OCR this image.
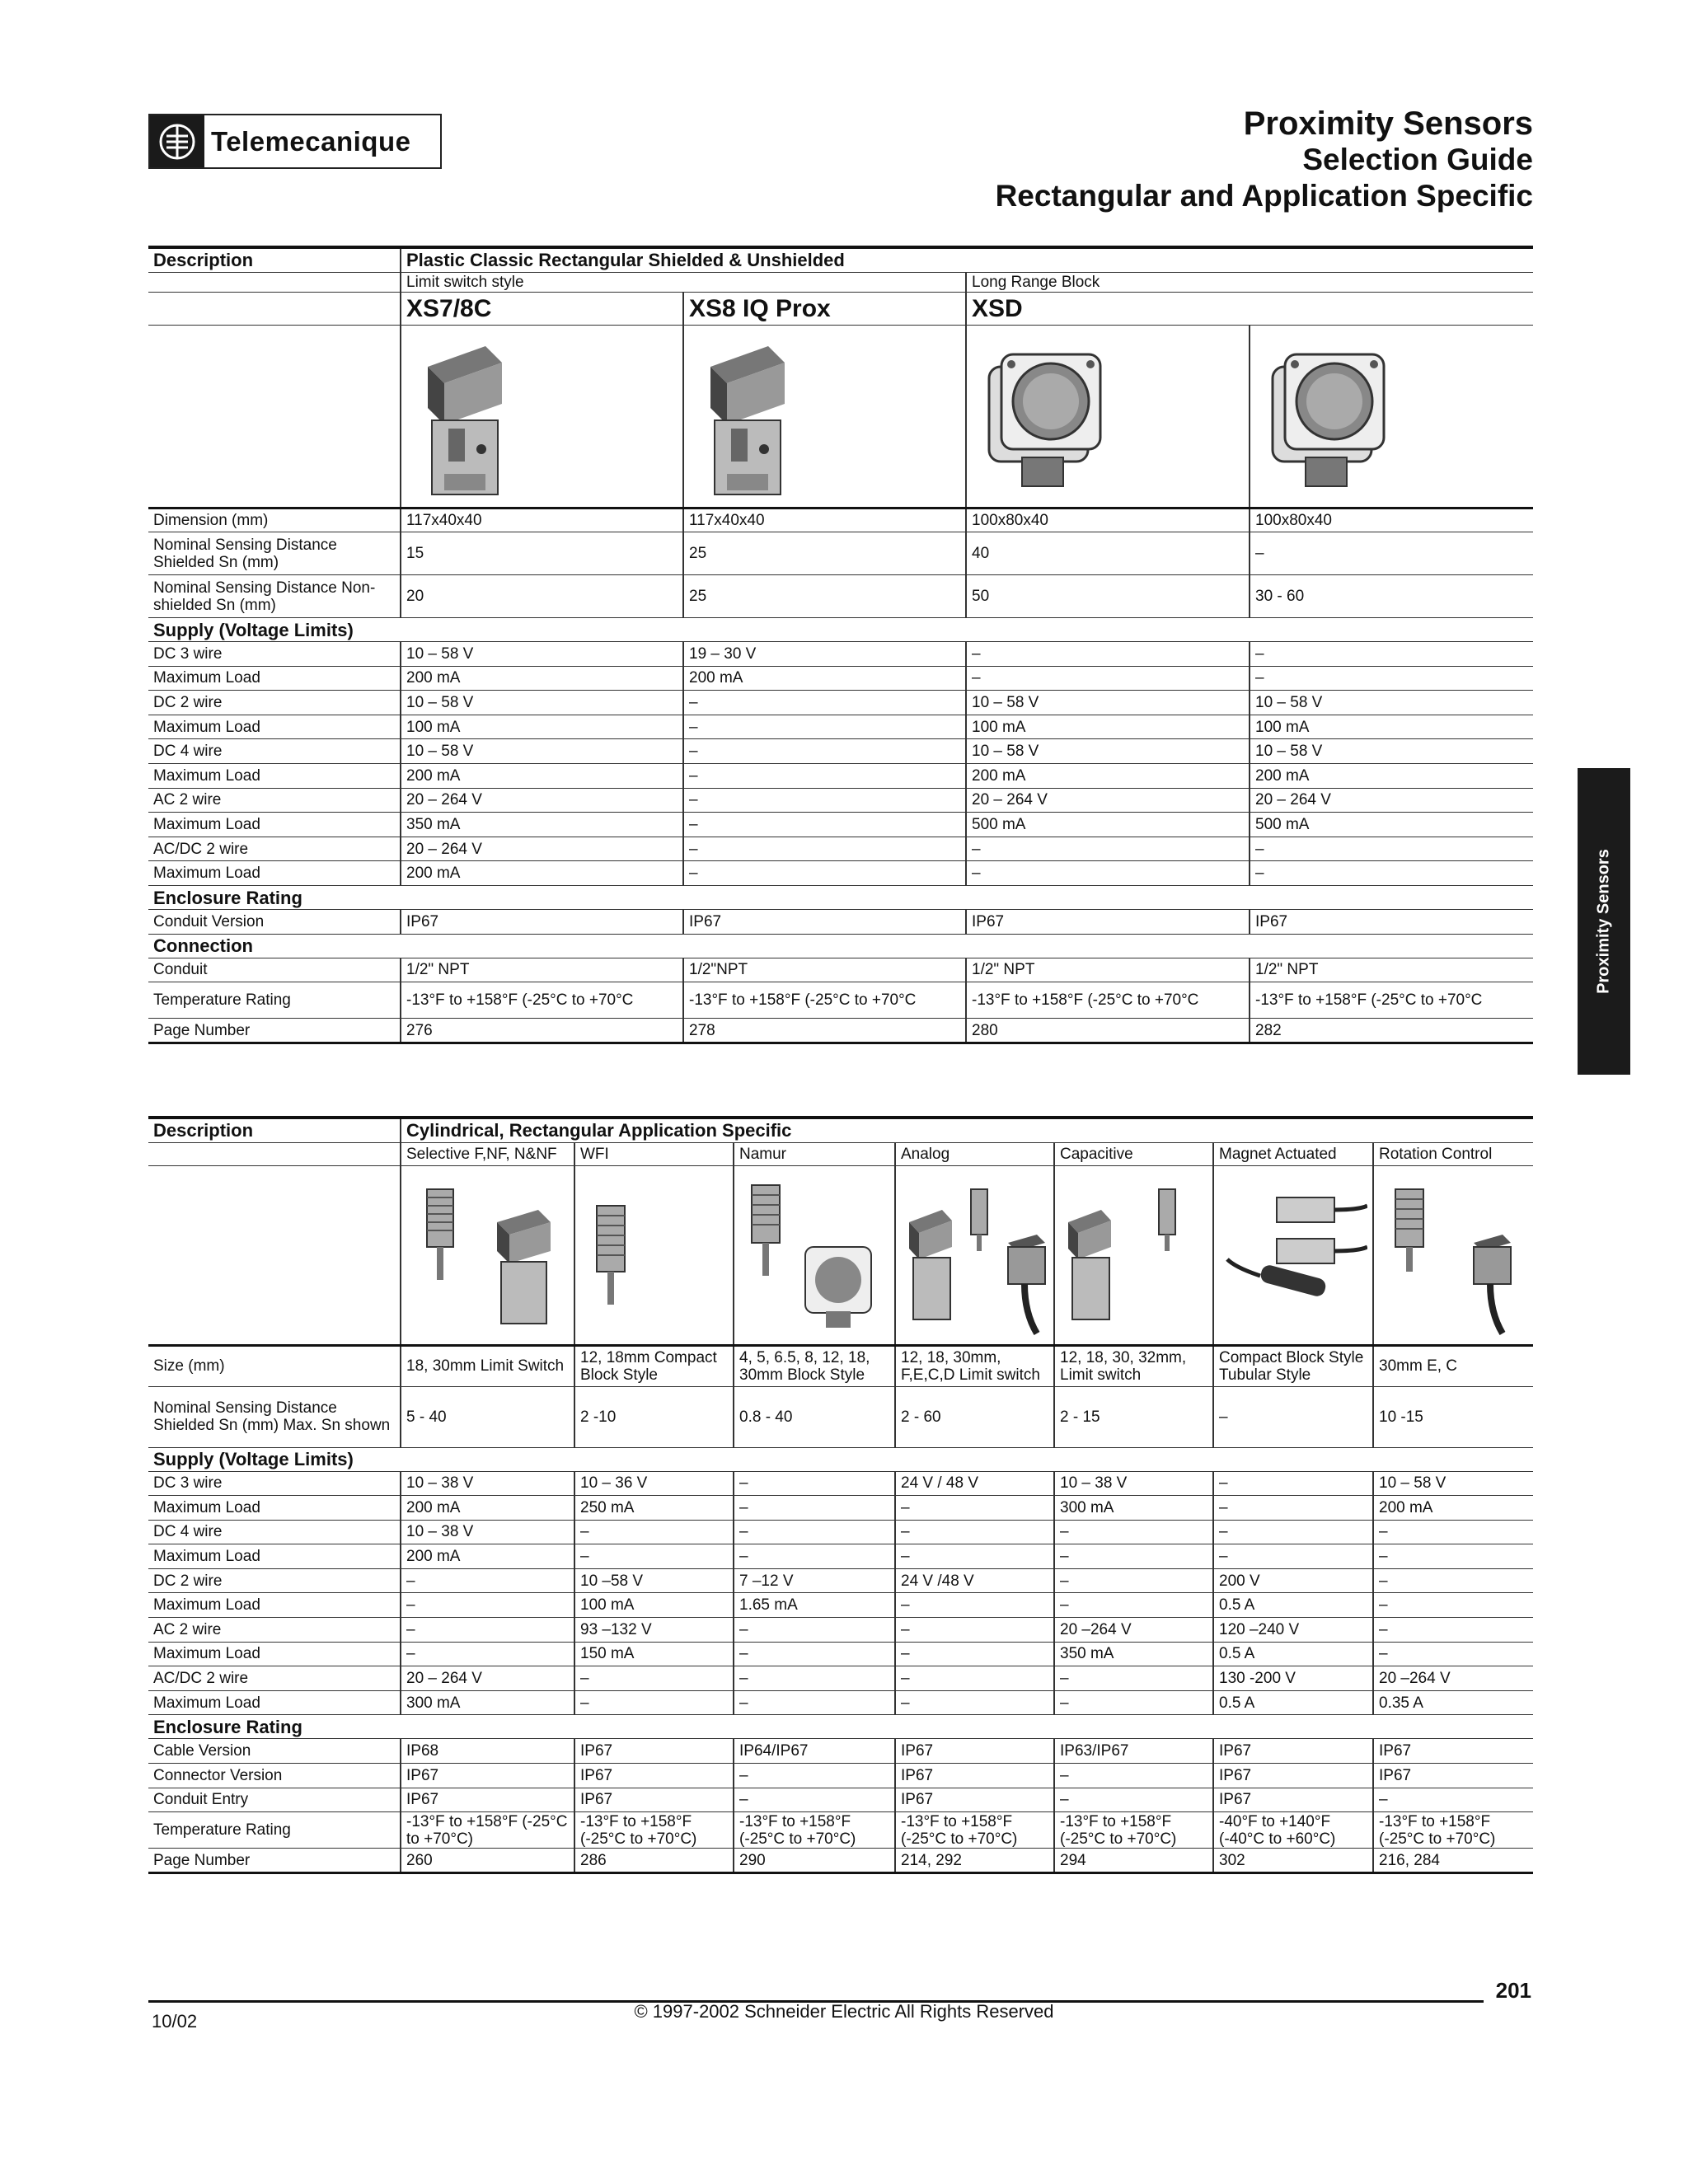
Telemecanique	Proximity Sensors
Selection Guide
Rectangular and Application Specific
Proximity Sensors
Description	Plastic Classic Rectangular Shielded & Unshielded			
	Limit switch style		Long Range Block	
	XS7/8C	XS8 IQ Prox	XSD	

Dimension (mm)	117x40x40	117x40x40	100x80x40	100x80x40
Nominal Sensing Distance Shielded Sn (mm)	15	25	40	–
Nominal Sensing Distance Non-shielded Sn (mm)	20	25	50	30 - 60
Supply (Voltage Limits)				
DC 3 wire	10 – 58 V	19 – 30 V	–	–
Maximum Load	200 mA	200 mA	–	–
DC 2 wire	10 – 58 V	–	10 – 58 V	10 – 58 V
Maximum Load	100 mA	–	100 mA	100 mA
DC 4 wire	10 – 58 V	–	10 – 58 V	10 – 58 V
Maximum Load	200 mA	–	200 mA	200 mA
AC 2 wire	20 – 264 V	–	20 – 264 V	20 – 264 V
Maximum Load	350 mA	–	500 mA	500 mA
AC/DC 2 wire	20 – 264 V	–	–	–
Maximum Load	200 mA	–	–	–
Enclosure Rating				
Conduit Version	IP67	IP67	IP67	IP67
Connection				
Conduit	1/2" NPT	1/2"NPT	1/2" NPT	1/2" NPT
Temperature Rating	-13°F to +158°F (-25°C to +70°C	-13°F to +158°F (-25°C to +70°C	-13°F to +158°F (-25°C to +70°C	-13°F to +158°F (-25°C to +70°C
Page Number	276	278	280	282
Description	Cylindrical, Rectangular Application Specific						
	Selective F,NF, N&NF	WFI	Namur	Analog	Capacitive	Magnet Actuated	Rotation Control

Size (mm)	18, 30mm Limit Switch	12, 18mm Compact Block Style	4, 5, 6.5, 8, 12, 18, 30mm Block Style	12, 18, 30mm, F,E,C,D Limit switch	12, 18, 30, 32mm, Limit switch	Compact Block Style Tubular Style	30mm E, C
Nominal Sensing Distance Shielded Sn (mm) Max. Sn shown	5 - 40	2 -10	0.8 - 40	2 - 60	2 - 15	–	10 -15
Supply (Voltage Limits)							
DC 3 wire	10 – 38 V	10 – 36 V	–	24 V / 48 V	10 – 38 V	–	10 – 58 V
Maximum Load	200 mA	250 mA	–	–	300 mA	–	200 mA
DC 4 wire	10 – 38 V	–	–	–	–	–	–
Maximum Load	200 mA	–	–	–	–	–	–
DC 2 wire	–	10 –58 V	7 –12 V	24 V /48 V	–	200 V	–
Maximum Load	–	100 mA	1.65 mA	–	–	0.5 A	–
AC 2 wire	–	93 –132 V	–	–	20 –264 V	120 –240 V	–
Maximum Load	–	150 mA	–	–	350 mA	0.5 A	–
AC/DC 2 wire	20 – 264 V	–	–	–	–	130 -200 V	20 –264 V
Maximum Load	300 mA	–	–	–	–	0.5 A	0.35 A
Enclosure Rating							
Cable Version	IP68	IP67	IP64/IP67	IP67	IP63/IP67	IP67	IP67
Connector Version	IP67	IP67	–	IP67	–	IP67	IP67
Conduit Entry	IP67	IP67	–	IP67	–	IP67	–
Temperature Rating	-13°F to +158°F (-25°C to +70°C)	-13°F to +158°F (-25°C to +70°C)	-13°F to +158°F (-25°C to +70°C)	-13°F to +158°F (-25°C to +70°C)	-13°F to +158°F (-25°C to +70°C)	-40°F to +140°F (-40°C to +60°C)	-13°F to +158°F (-25°C to +70°C)
Page Number	260	286	290	214, 292	294	302	216, 284
201
10/02	© 1997-2002 Schneider Electric All Rights Reserved
